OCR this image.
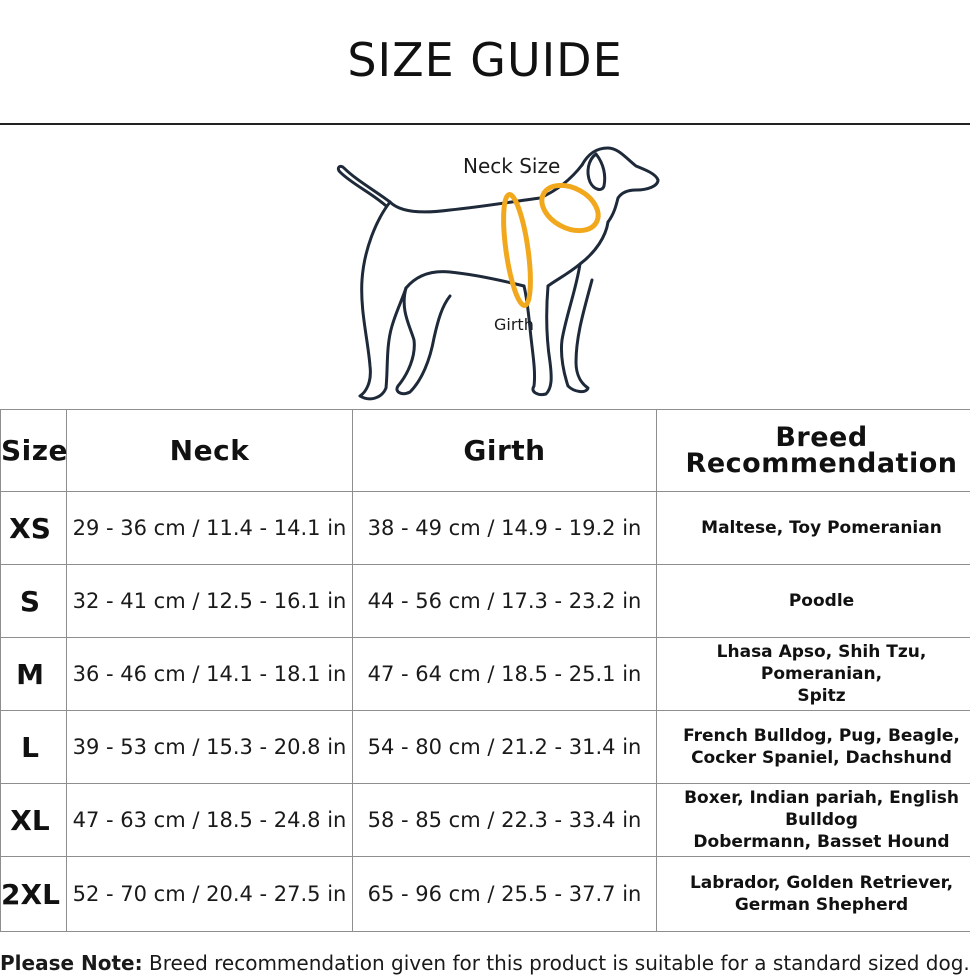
SIZE GUIDE
Neck Size
Girth
Size	Neck	Girth	Breed
Recommendation

XS	29 - 36 cm / 11.4 - 14.1 in	38 - 49 cm / 14.9 - 19.2 in	Maltese, Toy Pomeranian

S	32 - 41 cm / 12.5 - 16.1 in	44 - 56 cm / 17.3 - 23.2 in	Poodle

M	36 - 46 cm / 14.1 - 18.1 in	47 - 64 cm / 18.5 - 25.1 in	Lhasa Apso, Shih Tzu, Pomeranian,
Spitz

L	39 - 53 cm / 15.3 - 20.8 in	54 - 80 cm / 21.2 - 31.4 in	French Bulldog, Pug, Beagle,
Cocker Spaniel, Dachshund

XL	47 - 63 cm / 18.5 - 24.8 in	58 - 85 cm / 22.3 - 33.4 in	Boxer, Indian pariah, English Bulldog
Dobermann, Basset Hound

2XL	52 - 70 cm / 20.4 - 27.5 in	65 - 96 cm / 25.5 - 37.7 in	Labrador, Golden Retriever,
German Shepherd
Please Note: Breed recommendation given for this product is suitable for a standard sized dog.
